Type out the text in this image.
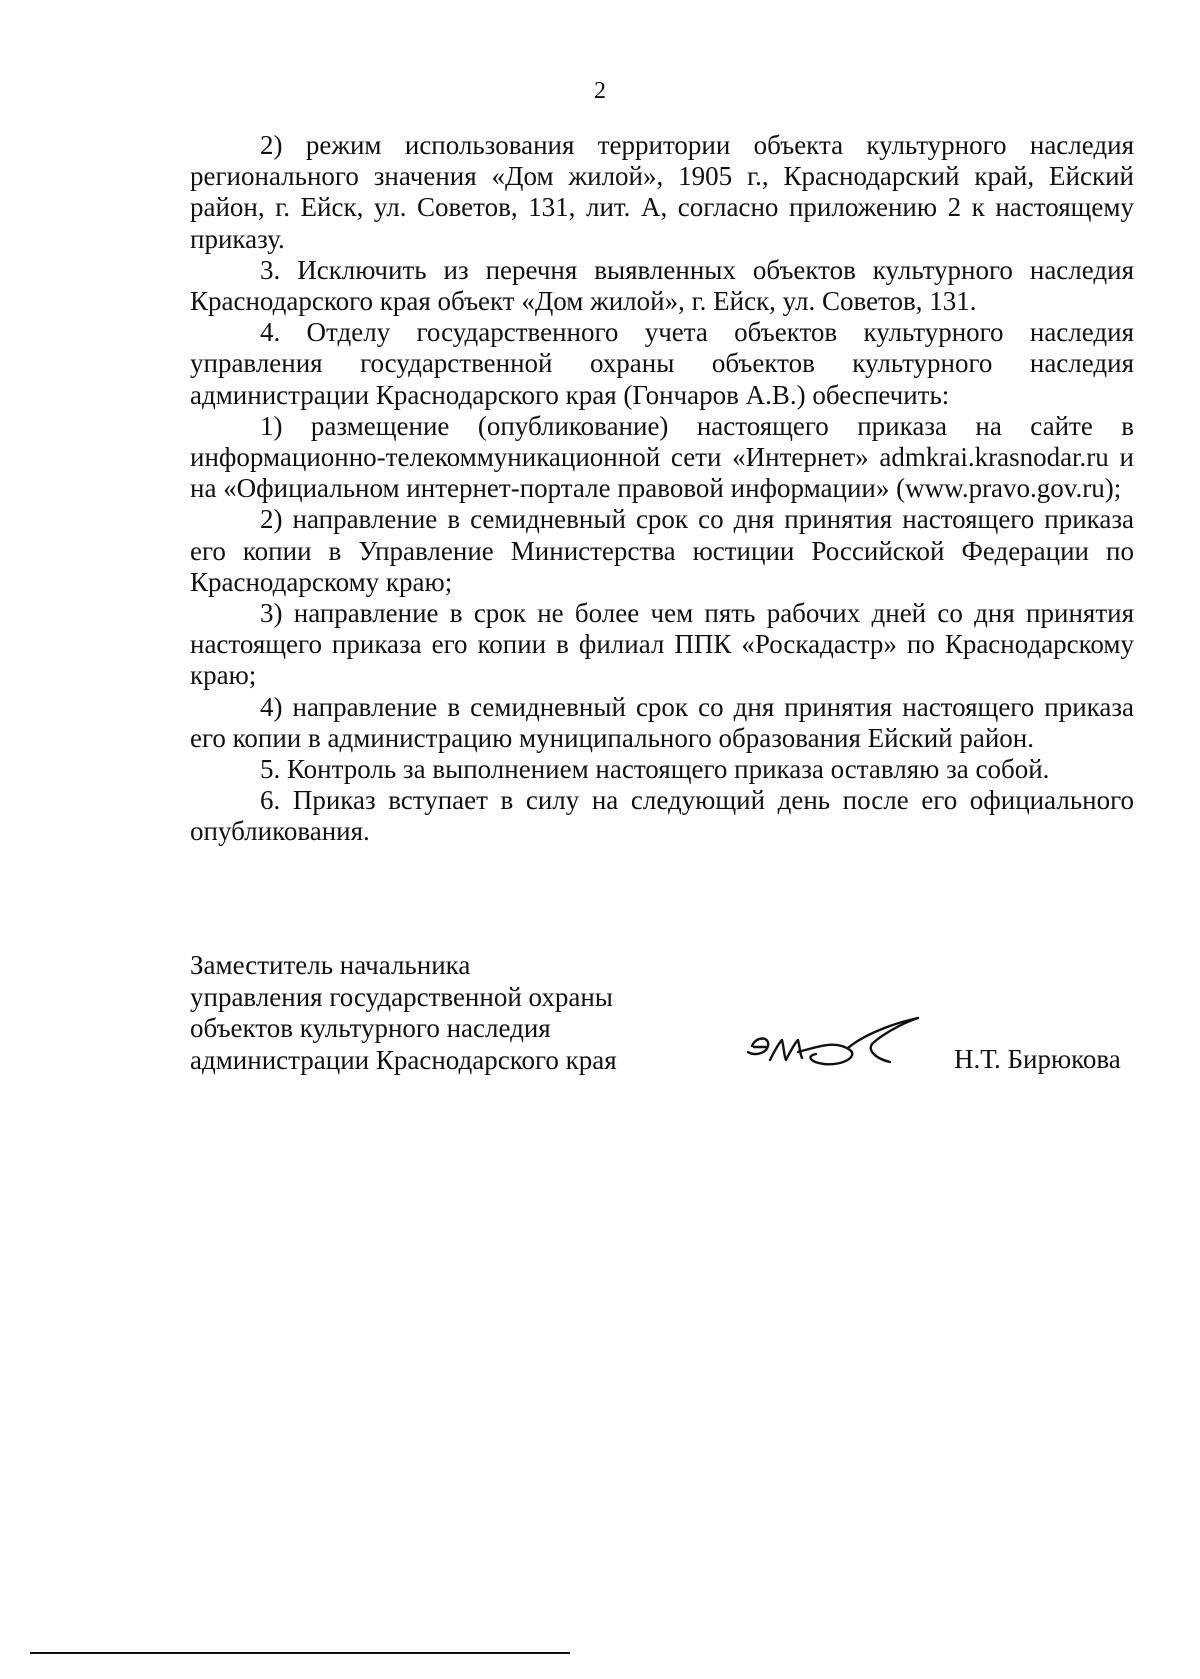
2

2) режим использования территории объекта культурного наследия регионального значения «Дом жилой», 1905 г., Краснодарский край, Ейский район, г. Ейск, ул. Советов, 131, лит. А, согласно приложению 2 к настоящему приказу.

3. Исключить из перечня выявленных объектов культурного наследия Краснодарского края объект «Дом жилой», г. Ейск, ул. Советов, 131.

4. Отделу государственного учета объектов культурного наследия управления государственной охраны объектов культурного наследия администрации Краснодарского края (Гончаров А.В.) обеспечить:

1) размещение (опубликование) настоящего приказа на сайте в информационно-телекоммуникационной сети «Интернет» admkrai.krasnodar.ru и на «Официальном интернет-портале правовой информации» (www.pravo.gov.ru);

2) направление в семидневный срок со дня принятия настоящего приказа его копии в Управление Министерства юстиции Российской Федерации по Краснодарскому краю;

3) направление в срок не более чем пять рабочих дней со дня принятия настоящего приказа его копии в филиал ППК «Роскадастр» по Краснодарскому краю;

4) направление в семидневный срок со дня принятия настоящего приказа его копии в администрацию муниципального образования Ейский район.

5. Контроль за выполнением настоящего приказа оставляю за собой.

6. Приказ вступает в силу на следующий день после его официального опубликования.

Заместитель начальника
управления государственной охраны
объектов культурного наследия
администрации Краснодарского края	Н.Т. Бирюкова
